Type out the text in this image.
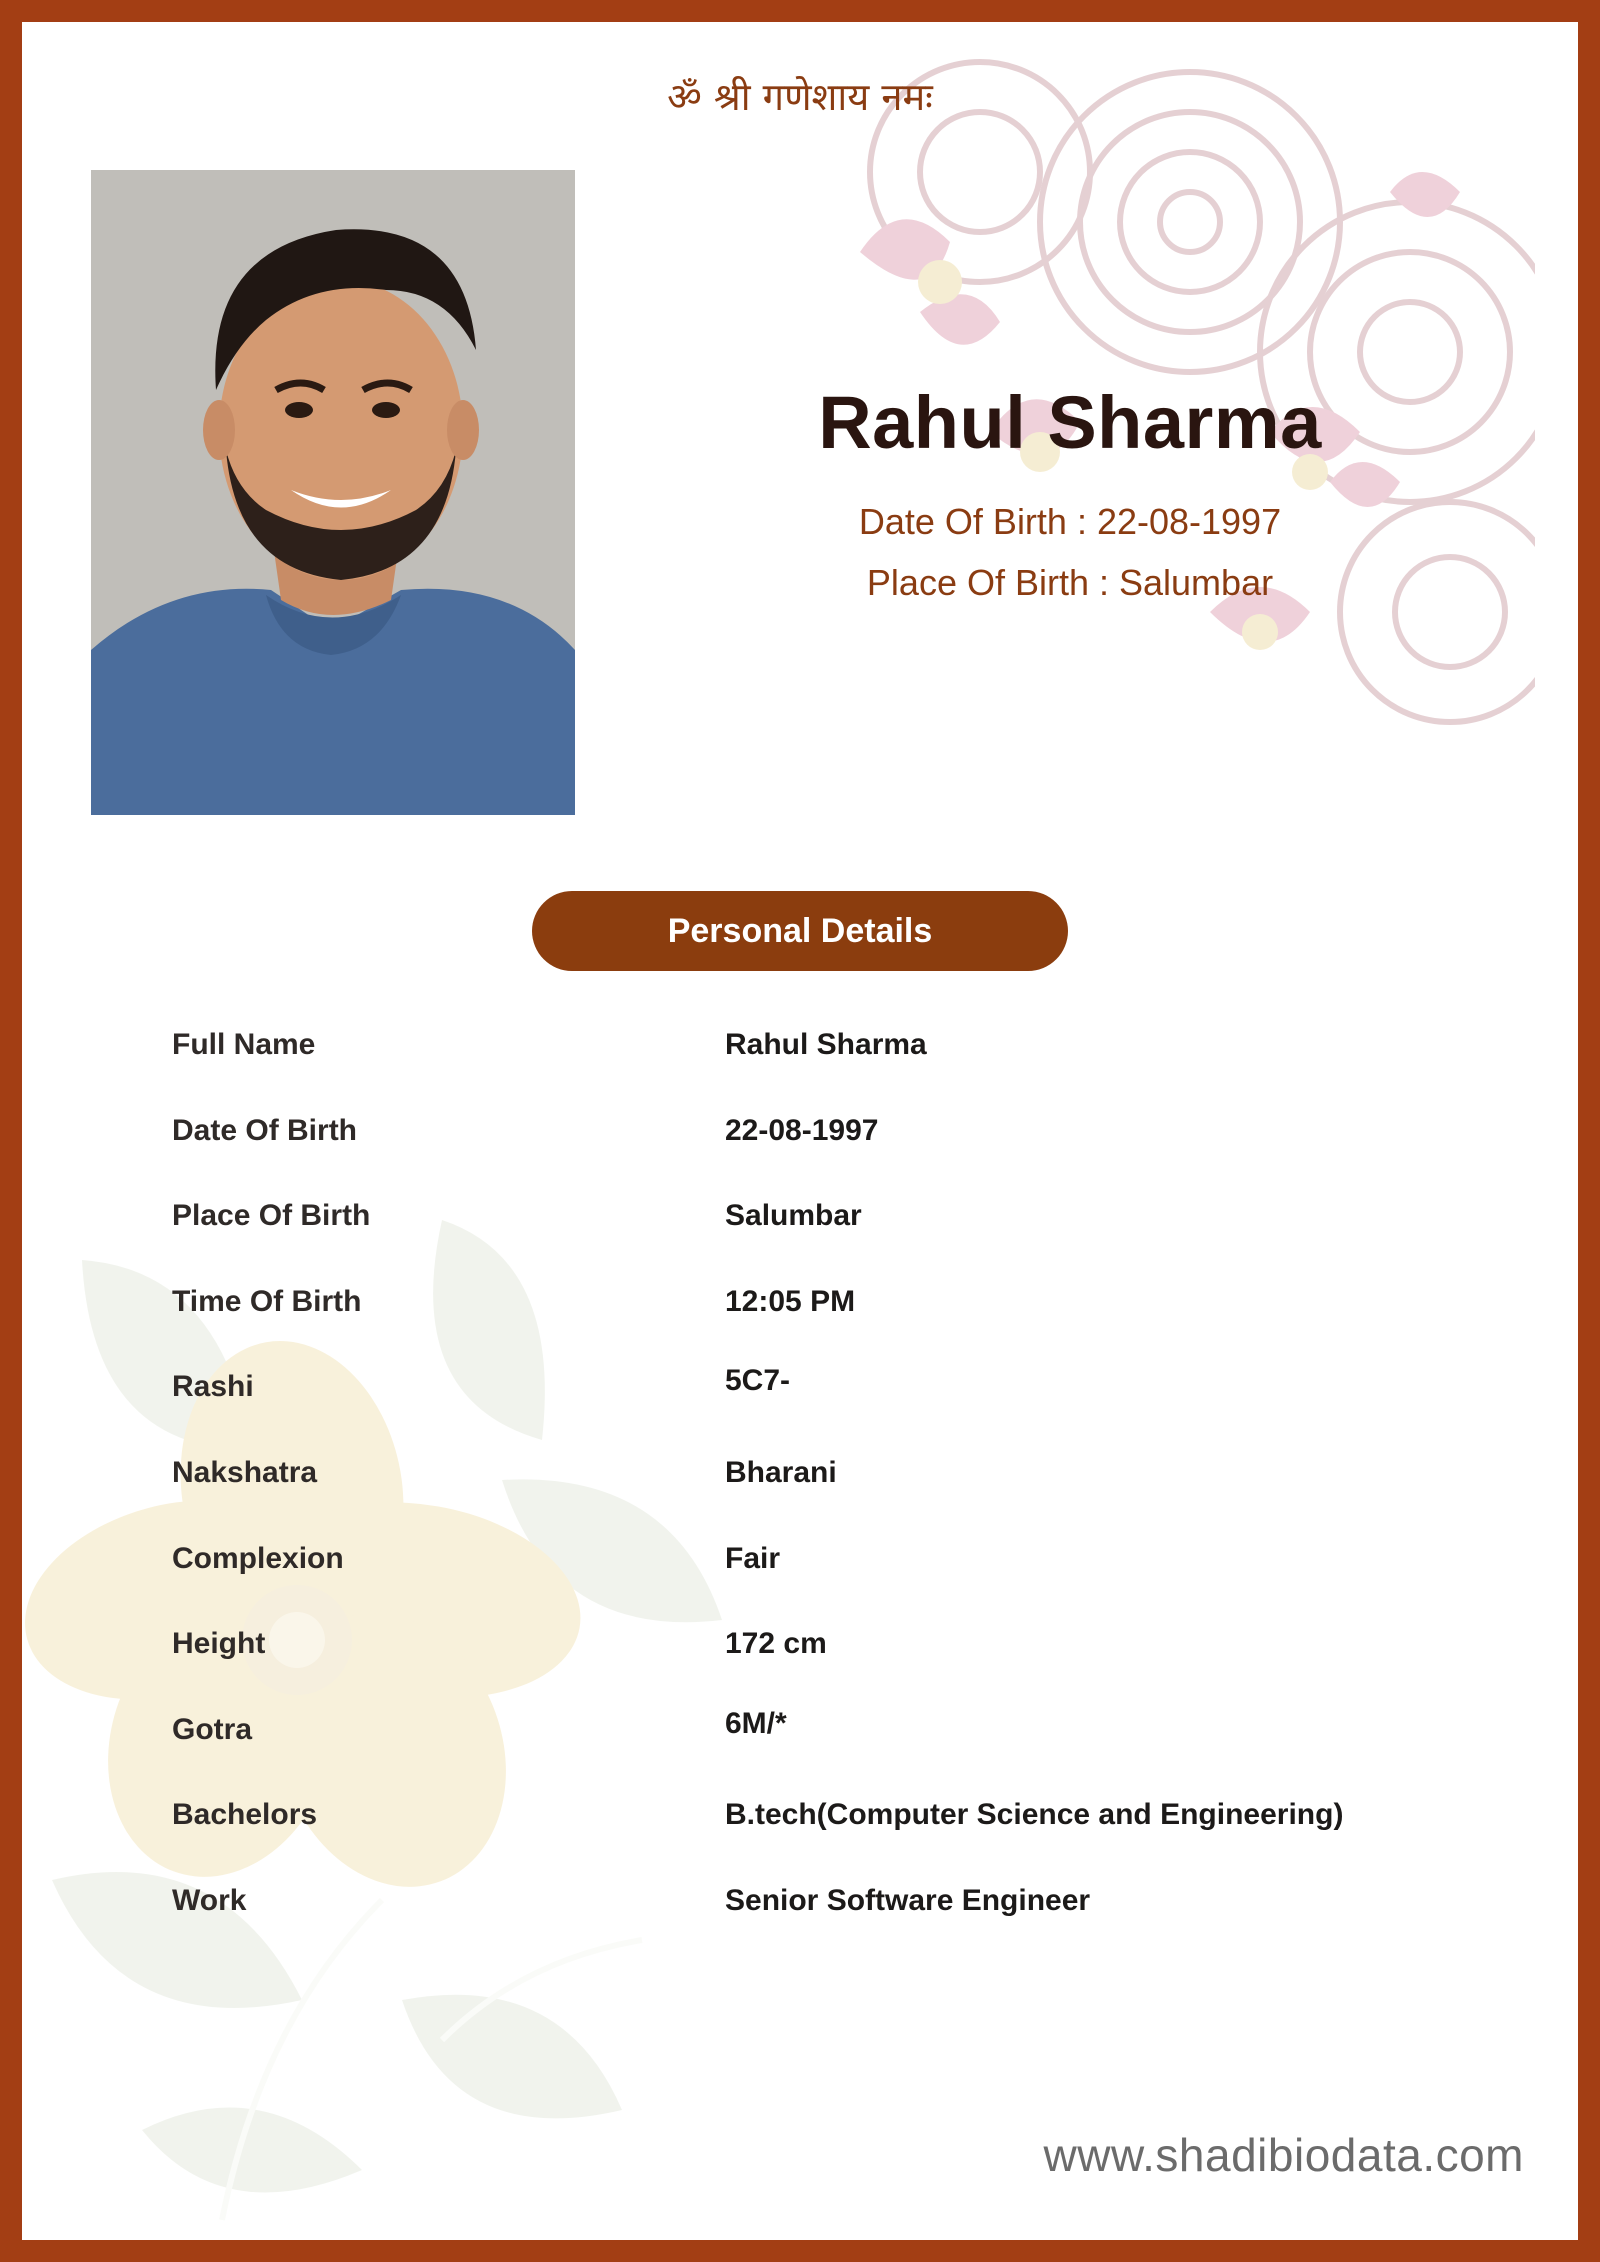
ॐ श्री गणेशाय नमः
Rahul Sharma
Date Of Birth : 22-08-1997
Place Of Birth : Salumbar
Personal Details
Full Name	Rahul Sharma
Date Of Birth	22-08-1997
Place Of Birth	Salumbar
Time Of Birth	12:05 PM
Rashi	5C7-
Nakshatra	Bharani
Complexion	Fair
Height	172 cm
Gotra	6M/*
Bachelors	B.tech(Computer Science and Engineering)
Work	Senior Software Engineer
www.shadibiodata.com
